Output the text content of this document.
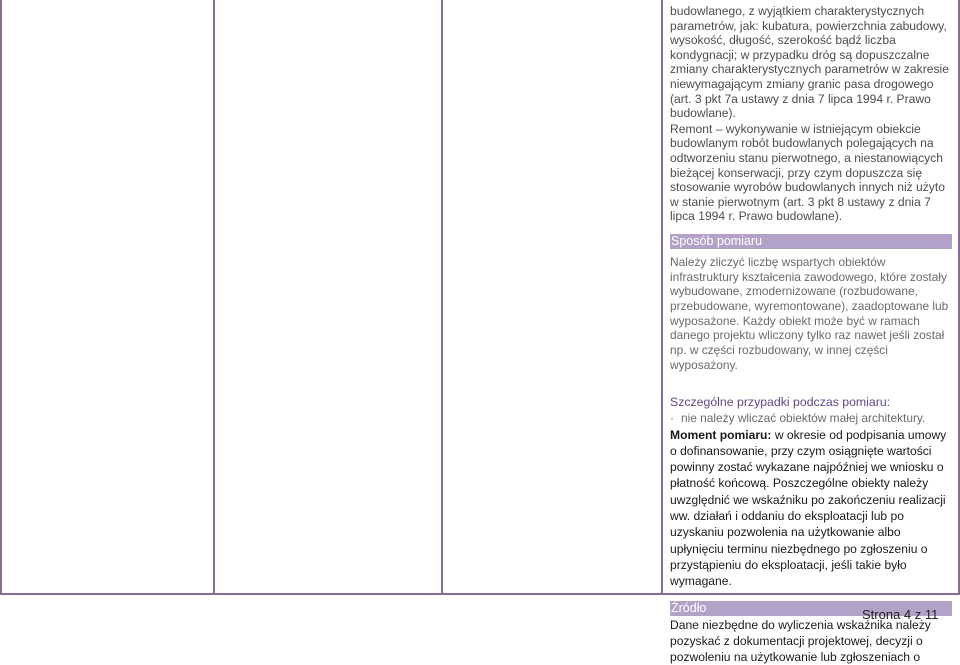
budowlanego, z wyjątkiem charakterystycznych parametrów, jak: kubatura, powierzchnia zabudowy, wysokość, długość, szerokość bądź liczba kondygnacji; w przypadku dróg są dopuszczalne zmiany charakterystycznych parametrów w zakresie niewymagającym zmiany granic pasa drogowego (art. 3 pkt 7a ustawy z dnia 7 lipca 1994 r. Prawo budowlane).

Remont – wykonywanie w istniejącym obiekcie budowlanym robót budowlanych polegających na odtworzeniu stanu pierwotnego, a niestanowiących bieżącej konserwacji, przy czym dopuszcza się stosowanie wyrobów budowlanych innych niż użyto w stanie pierwotnym (art. 3 pkt 8 ustawy z dnia 7 lipca 1994 r. Prawo budowlane).

Sposób pomiaru

Należy zliczyć liczbę wspartych obiektów infrastruktury kształcenia zawodowego, które zostały wybudowane, zmodernizowane (rozbudowane, przebudowane, wyremontowane), zaadoptowane lub wyposażone. Każdy obiekt może być w ramach danego projektu wliczony tylko raz nawet jeśli został np. w części rozbudowany, w innej części wyposażony.

Szczególne przypadki podczas pomiaru:

· nie należy wliczać obiektów małej architektury.

Moment pomiaru: w okresie od podpisania umowy o dofinansowanie, przy czym osiągnięte wartości powinny zostać wykazane najpóźniej we wniosku o płatność końcową. Poszczególne obiekty należy uwzględnić we wskaźniku po zakończeniu realizacji ww. działań i oddaniu do eksploatacji lub po uzyskaniu pozwolenia na użytkowanie albo upłynięciu terminu niezbędnego po zgłoszeniu o przystąpieniu do eksploatacji, jeśli takie było wymagane.

Źródło

Dane niezbędne do wyliczenia wskaźnika należy pozyskać z dokumentacji projektowej, decyzji o pozwoleniu na użytkowanie lub zgłoszeniach o

Strona 4 z 11
